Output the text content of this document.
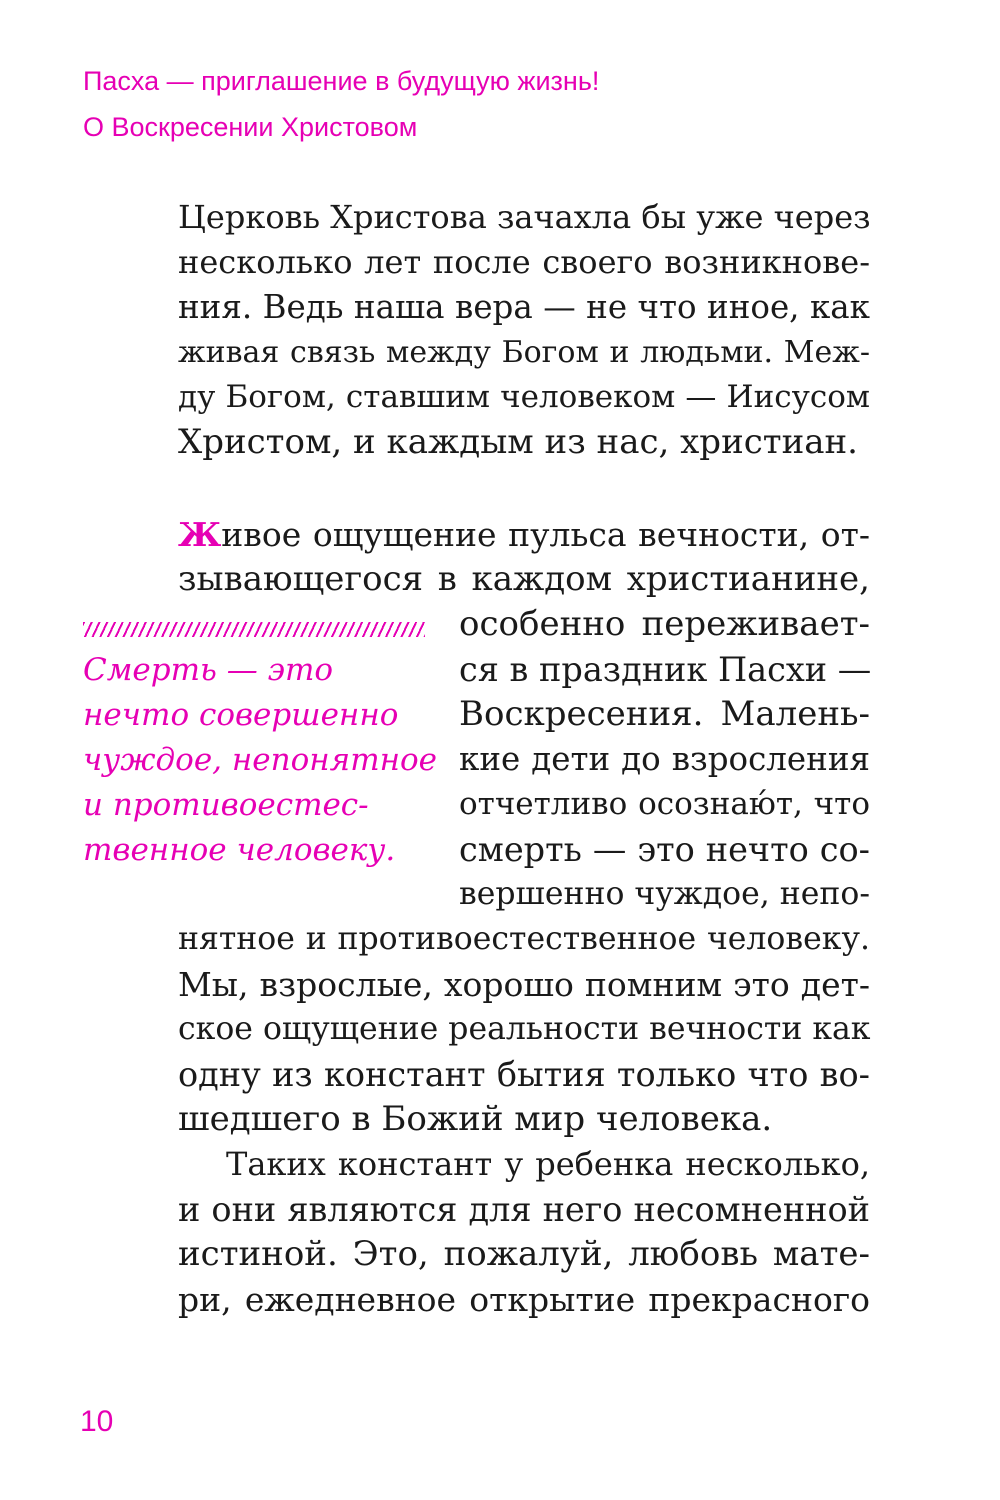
Пасха — приглашение в будущую жизнь!
О Воскресении Христовом
Церковь Христова зачахла бы уже через
несколько лет после своего возникнове-
ния. Ведь наша вера — не что иное, как
живая связь между Богом и людьми. Меж-
ду Богом, ставшим человеком — Иисусом
Христом, и каждым из нас, христиан.
Живое ощущение пульса вечности, от-
зывающегося в каждом христианине,
особенно переживает-
ся в праздник Пасхи —
Воскресения. Малень-
кие дети до взросления
отчетливо осознаю́т, что
смерть — это нечто со-
вершенно чуждое, непо-
нятное и противоестественное человеку.
Мы, взрослые, хорошо помним это дет-
ское ощущение реальности вечности как
одну из констант бытия только что во-
шедшего в Божий мир человека.
Таких констант у ребенка несколько,
и они являются для него несомненной
истиной. Это, пожалуй, любовь мате-
ри, ежедневное открытие прекрасного
Смерть — это
нечто совершенно
чуждое, непонятное
и противоестес-
твенное человеку.
10
